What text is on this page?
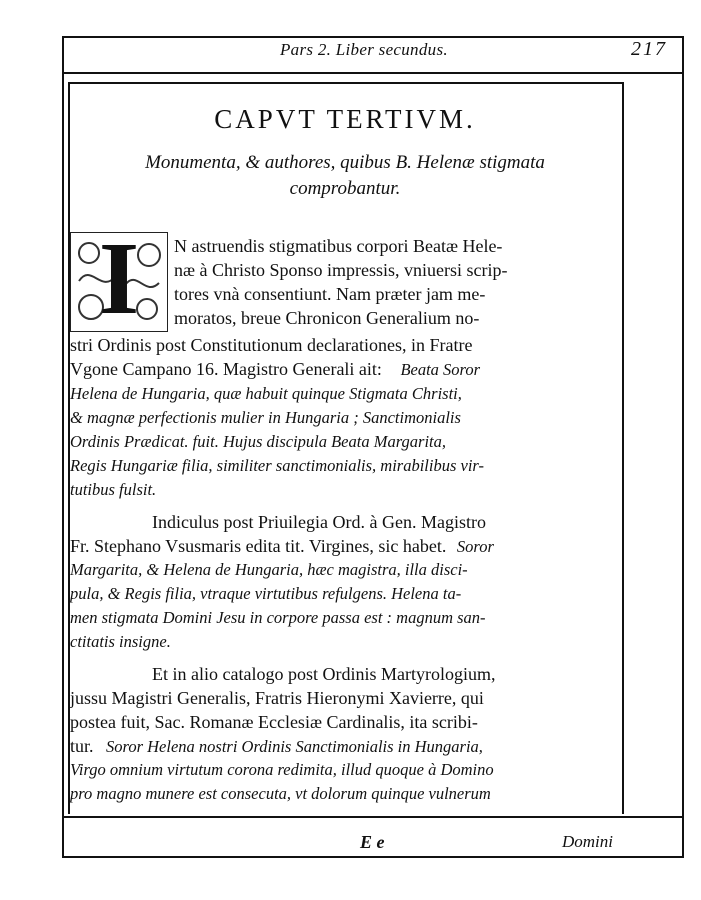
Pars 2. Liber secundus.	217
CAPVT TERTIVM.
Monumenta, & authores, quibus B. Helenæ stigmata
comprobantur.
I	N astruendis stigmatibus corpori Beatæ Hele-
næ à Christo Sponso impressis, vniuersi scrip-
tores vnà consentiunt. Nam præter jam me-
moratos, breue Chronicon Generalium no-
stri Ordinis post Constitutionum declarationes, in Fratre
Vgone Campano 16. Magistro Generali ait: Beata Soror
Helena de Hungaria, quæ habuit quinque Stigmata Christi,
& magnæ perfectionis mulier in Hungaria ; Sanctimonialis
Ordinis Prædicat. fuit. Hujus discipula Beata Margarita,
Regis Hungariæ filia, similiter sanctimonialis, mirabilibus vir-
tutibus fulsit.
Indiculus post Priuilegia Ord. à Gen. Magistro
Fr. Stephano Vsusmaris edita tit. Virgines, sic habet. Soror
Margarita, & Helena de Hungaria, hæc magistra, illa disci-
pula, & Regis filia, vtraque virtutibus refulgens. Helena ta-
men stigmata Domini Jesu in corpore passa est : magnum san-
ctitatis insigne.
Et in alio catalogo post Ordinis Martyrologium,
jussu Magistri Generalis, Fratris Hieronymi Xavierre, qui
postea fuit, Sac. Romanæ Ecclesiæ Cardinalis, ita scribi-
tur. Soror Helena nostri Ordinis Sanctimonialis in Hungaria,
Virgo omnium virtutum corona redimita, illud quoque à Domino
pro magno munere est consecuta, vt dolorum quinque vulnerum
E e	Domini
